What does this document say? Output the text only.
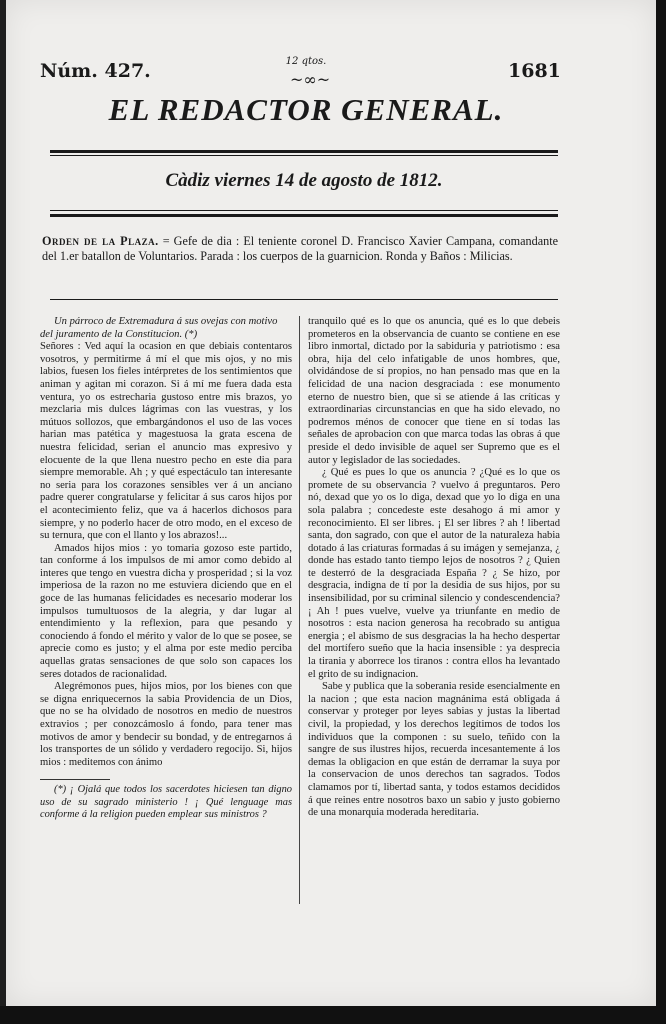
Núm. 427.	12 qtos.
~∞~	1681
EL REDACTOR GENERAL.
Càdiz viernes 14 de agosto de 1812.
Orden de la Plaza. = Gefe de dia : El teniente coronel D. Francisco Xavier Campana, comandante del 1.er batallon de Voluntarios. Parada : los cuerpos de la guarnicion. Ronda y Baños : Milicias.

Un párroco de Extremadura á sus ovejas con motivo del juramento de la Constitucion. (*)

Señores : Ved aquí la ocasion en que debiais contentaros vosotros, y permitirme á mí el que mis ojos, y no mis labios, fuesen los fieles intérpretes de los sentimientos que animan y agitan mi corazon. Si á mí me fuera dada esta ventura, yo os estrecharia gustoso entre mis brazos, yo mezclaria mis dulces lágrimas con las vuestras, y los mútuos sollozos, que embargándonos el uso de las voces harian mas patética y magestuosa la grata escena de nuestra felicidad, serian el anuncio mas expresivo y elocuente de la que llena nuestro pecho en este dia para siempre memorable. Ah ; y qué espectáculo tan interesante no seria para los corazones sensibles ver á un anciano padre querer congratularse y felicitar á sus caros hijos por el acontecimiento feliz, que va á hacerlos dichosos para siempre, y no poderlo hacer de otro modo, en el exceso de su ternura, que con el llanto y los abrazos!...

Amados hijos mios : yo tomaria gozoso este partido, tan conforme á los impulsos de mi amor como debido al interes que tengo en vuestra dicha y prosperidad ; si la voz imperiosa de la razon no me estuviera diciendo que en el goce de las humanas felicidades es necesario moderar los impulsos tumultuosos de la alegria, y dar lugar al entendimiento y la reflexion, para que pesando y conociendo á fondo el mérito y valor de lo que se posee, se aprecie como es justo; y el alma por este medio perciba aquellas gratas sensaciones de que solo son capaces los seres dotados de racionalidad.

Alegrémonos pues, hijos mios, por los bienes con que se digna enriquecernos la sabia Providencia de un Dios, que no se ha olvidado de nosotros en medio de nuestros extravios ; per conozcámoslo á fondo, para tener mas motivos de amor y bendecir su bondad, y de entregarnos á los transportes de un sólido y verdadero regocijo. Si, hijos mios : meditemos con ánimo

(*) ¡ Ojalá que todos los sacerdotes hiciesen tan digno uso de su sagrado ministerio ! ¡ Qué lenguage mas conforme á la religion pueden emplear sus ministros ?

tranquilo qué es lo que os anuncia, qué es lo que debeis prometeros en la observancia de cuanto se contiene en ese libro inmortal, dictado por la sabiduria y patriotismo : esa obra, hija del celo infatigable de unos hombres, que, olvidándose de sí propios, no han pensado mas que en la felicidad de una nacion desgraciada : ese monumento eterno de nuestro bien, que si se atiende á las críticas y extraordinarias circunstancias en que ha sido elevado, no podremos ménos de conocer que tiene en sí todas las señales de aprobacion con que marca todas las obras á que preside el dedo invisible de aquel ser Supremo que es el autor y legislador de las sociedades.

¿ Qué es pues lo que os anuncia ? ¿Qué es lo que os promete de su observancia ? vuelvo á preguntaros. Pero nó, dexad que yo os lo diga, dexad que yo lo diga en una sola palabra ; concedeste este desahogo á mi amor y reconocimiento. El ser libres. ¡ El ser libres ? ah ! libertad santa, don sagrado, con que el autor de la naturaleza habia dotado á las criaturas formadas á su imágen y semejanza, ¿ donde has estado tanto tiempo lejos de nosotros ? ¿ Quien te desterró de la desgraciada España ? ¿ Se hizo, por desgracia, indigna de tí por la desidia de sus hijos, por su insensibilidad, por su criminal silencio y condescendencia? ¡ Ah ! pues vuelve, vuelve ya triunfante en medio de nosotros : esta nacion generosa ha recobrado su antigua energia ; el abismo de sus desgracias la ha hecho despertar del mortífero sueño que la hacia insensible : ya desprecia la tirania y aborrece los tiranos : contra ellos ha levantado el grito de su indignacion.

Sabe y publica que la soberania reside esencialmente en la nacion ; que esta nacion magnánima está obligada á conservar y proteger por leyes sabias y justas la libertad civil, la propiedad, y los derechos legítimos de todos los individuos que la componen : su suelo, teñido con la sangre de sus ilustres hijos, recuerda incesantemente á los demas la obligacion en que están de derramar la suya por la conservacion de unos derechos tan sagrados. Todos clamamos por tí, libertad santa, y todos estamos decididos á que reines entre nosotros baxo un sabio y justo gobierno de una monarquia moderada hereditaria.
